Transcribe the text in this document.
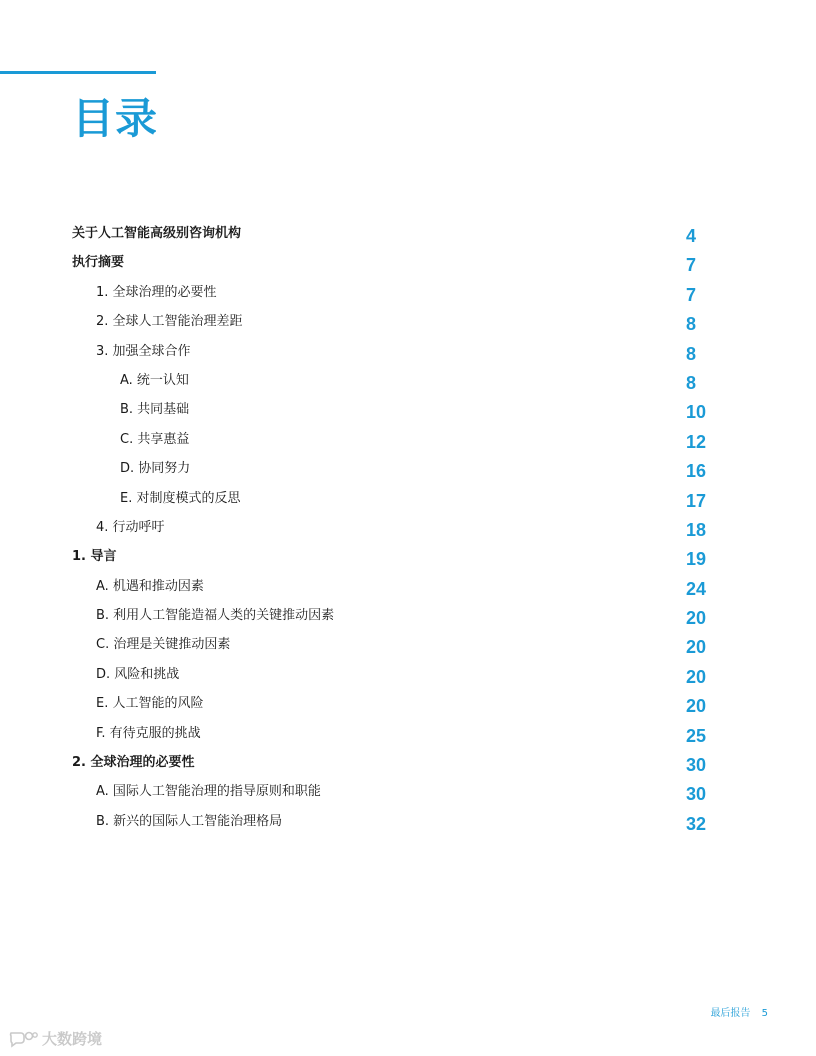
目录
关于人工智能高级别咨询机构	4
执行摘要	7
1. 全球治理的必要性	7
2. 全球人工智能治理差距	8
3. 加强全球合作	8
A. 统一认知	8
B. 共同基础	10
C. 共享惠益	12
D. 协同努力	16
E. 对制度模式的反思	17
4. 行动呼吁	18
1. 导言	19
A. 机遇和推动因素	24
B. 利用人工智能造福人类的关键推动因素	20
C. 治理是关键推动因素	20
D. 风险和挑战	20
E. 人工智能的风险	20
F. 有待克服的挑战	25
2. 全球治理的必要性	30
A. 国际人工智能治理的指导原则和职能	30
B. 新兴的国际人工智能治理格局	32
最后报告 5
大数跨境
